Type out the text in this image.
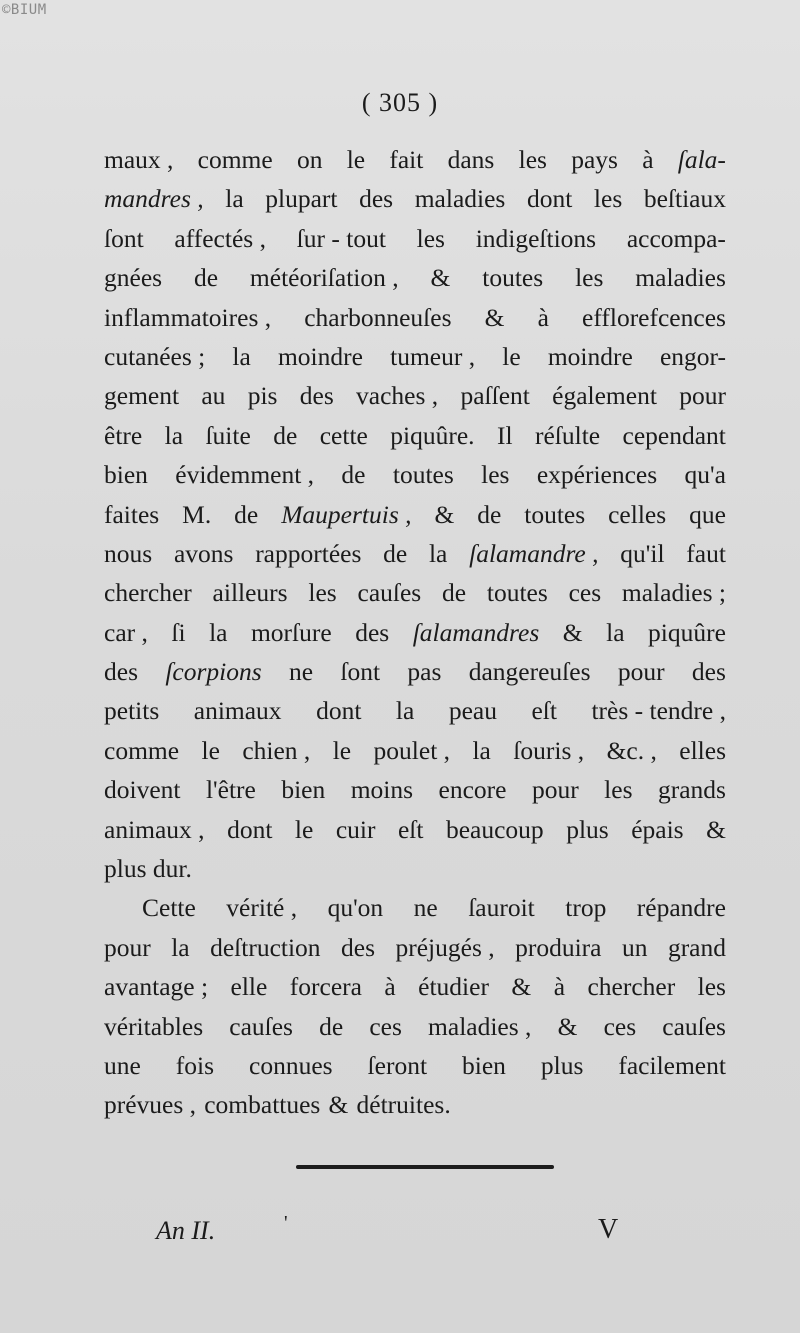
©BIUM
( 305 )
maux , comme on le fait dans les pays à ſala-
mandres , la plupart des maladies dont les beſtiaux
ſont affectés , ſur - tout les indigeſtions accompa-
gnées de météoriſation , & toutes les maladies
inflammatoires , charbonneuſes & à efflorefcences
cutanées ; la moindre tumeur , le moindre engor-
gement au pis des vaches , paſſent également pour
être la ſuite de cette piquûre. Il réſulte cependant
bien évidemment , de toutes les expériences qu'a
faites M. de Maupertuis , & de toutes celles que
nous avons rapportées de la ſalamandre , qu'il faut
chercher ailleurs les cauſes de toutes ces maladies ;
car , ſi la morſure des ſalamandres & la piquûre
des ſcorpions ne ſont pas dangereuſes pour des
petits animaux dont la peau eſt très - tendre ,
comme le chien , le poulet , la ſouris , &c. , elles
doivent l'être bien moins encore pour les grands
animaux , dont le cuir eſt beaucoup plus épais &
plus dur.
Cette vérité , qu'on ne ſauroit trop répandre
pour la deſtruction des préjugés , produira un grand
avantage ; elle forcera à étudier & à chercher les
véritables cauſes de ces maladies , & ces cauſes
une fois connues ſeront bien plus facilement
prévues , combattues & détruites.
An II.	'	V
